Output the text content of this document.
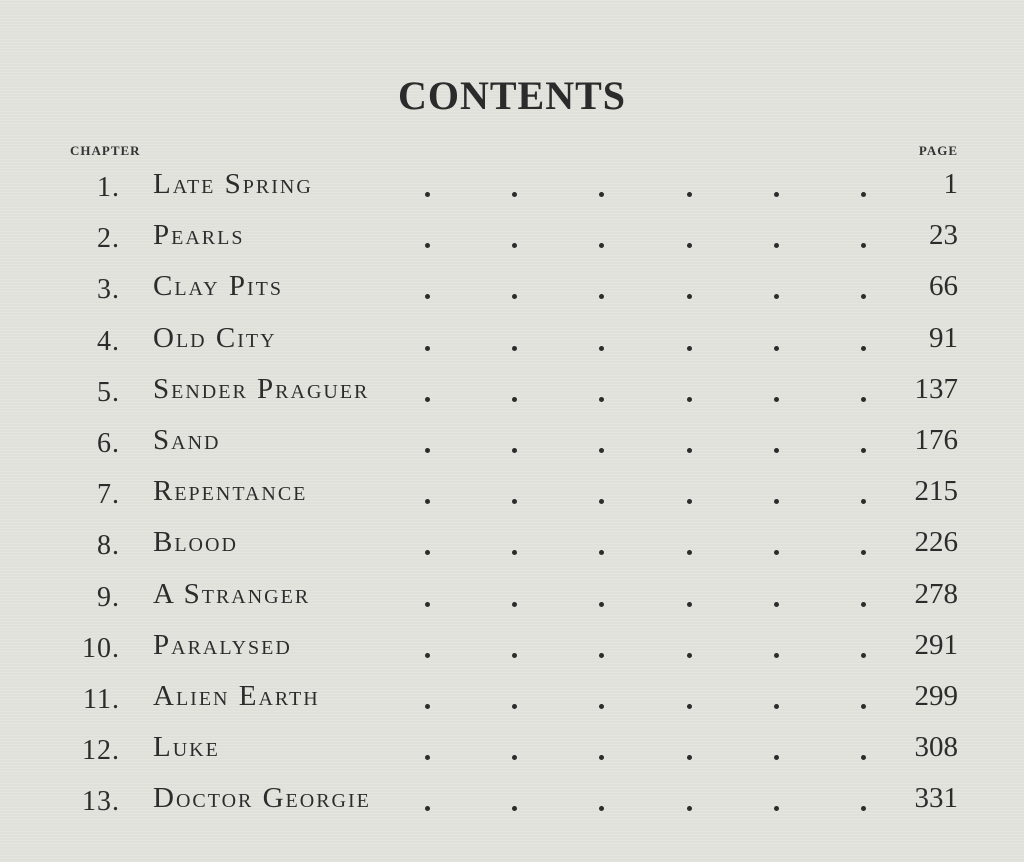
CONTENTS
CHAPTER	PAGE
1. Late Spring	1
2. Pearls	23
3. Clay Pits	66
4. Old City	91
5. Sender Praguer	137
6. Sand	176
7. Repentance	215
8. Blood	226
9. A Stranger	278
10. Paralysed	291
11. Alien Earth	299
12. Luke	308
13. Doctor Georgie	331
